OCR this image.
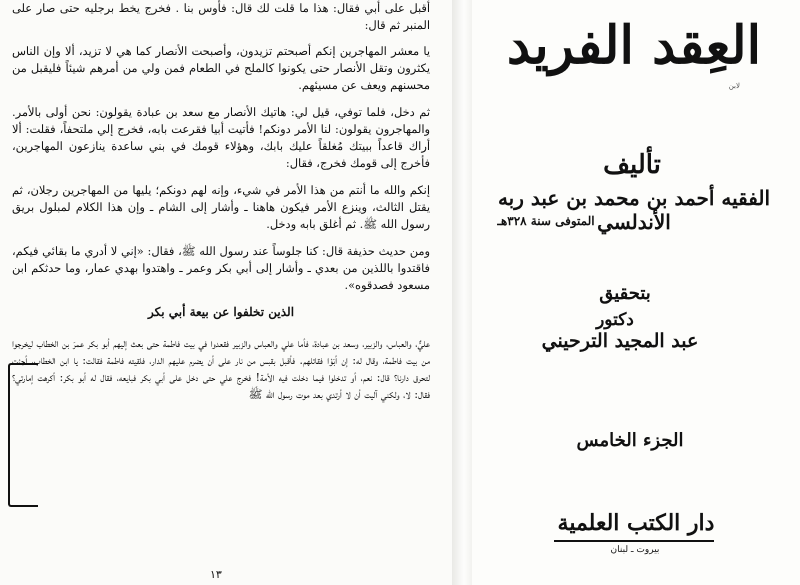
أقبل على أبي فقال: هذا ما قلت لك قال: فأوس بنا . فخرج يخط برجليه حتى صار على المنبر ثم قال:

يا معشر المهاجرين إنكم أصبحتم تزيدون، وأصبحت الأنصار كما هي لا تزيد، ألا وإن الناس يكثرون وتقل الأنصار حتى يكونوا كالملح في الطعام فمن ولي من أمرهم شيئاً فليقبل من محسنهم ويعف عن مسيئهم.

ثم دخل، فلما توفي، قيل لي: هاتيك الأنصار مع سعد بن عبادة يقولون: نحن أولى بالأمر. والمهاجرون يقولون: لنا الأمر دونكم! فأتيت أبيا فقرعت بابه، فخرج إلي ملتحفاً، فقلت: ألا أراك قاعداً ببيتك مُغلقاً عليك بابك، وهؤلاء قومك في بني ساعدة ينازعون المهاجرين، فأخرج إلى قومك فخرج، فقال:

إنكم والله ما أنتم من هذا الأمر في شيء، وإنه لهم دونكم؛ يليها من المهاجرين رجلان، ثم يقتل الثالث، وينزع الأمر فيكون هاهنا ـ وأشار إلى الشام ـ وإن هذا الكلام لمبلول بريق رسول الله ﷺ. ثم أغلق بابه ودخل.

ومن حديث حذيفة قال: كنا جلوساً عند رسول الله ﷺ، فقال: «إني لا أدري ما بقائي فيكم، فاقتدوا باللذين من بعدي ـ وأشار إلى أبي بكر وعمر ـ واهتدوا بهدي عمار، وما حدثكم ابن مسعود فصدقوه».

الذين تخلفوا عن بيعة أبي بكر

عليٌّ، والعباس، والزبير، وسعد بن عبادة، فأما علي والعباس والزبير فقعدوا في بيت فاطمة حتى بعث إليهم أبو بكر عمرَ بن الخطاب ليخرجوا من بيت فاطمة، وقال له: إن أبَوْا فقاتلهم. فأقبل بقبس من نار على أن يضرم عليهم الدار، فلقيته فاطمة فقالت: يا ابن الخطاب، أجئت لتحرق دارنا؟ قال: نعم، أو تدخلوا فيما دخلت فيه الأمة! فخرج علي حتى دخل على أبي بكر فبايعه، فقال له أبو بكر: أكرهت إمارتي؟ فقال: لا، ولكني آليت أن لا أرتدي بعد موت رسول الله ﷺ

١٣
العِقد الفريد
لابن
تأليف
الفقيه أحمد بن محمد بن عبد ربه الأندلسي
المتوفى سنة ٣٢٨هـ
بتحقيق
دكتور
عبد المجيد الترحيني
الجزء الخامس
دار الكتب العلمية
بيروت ـ لبنان
